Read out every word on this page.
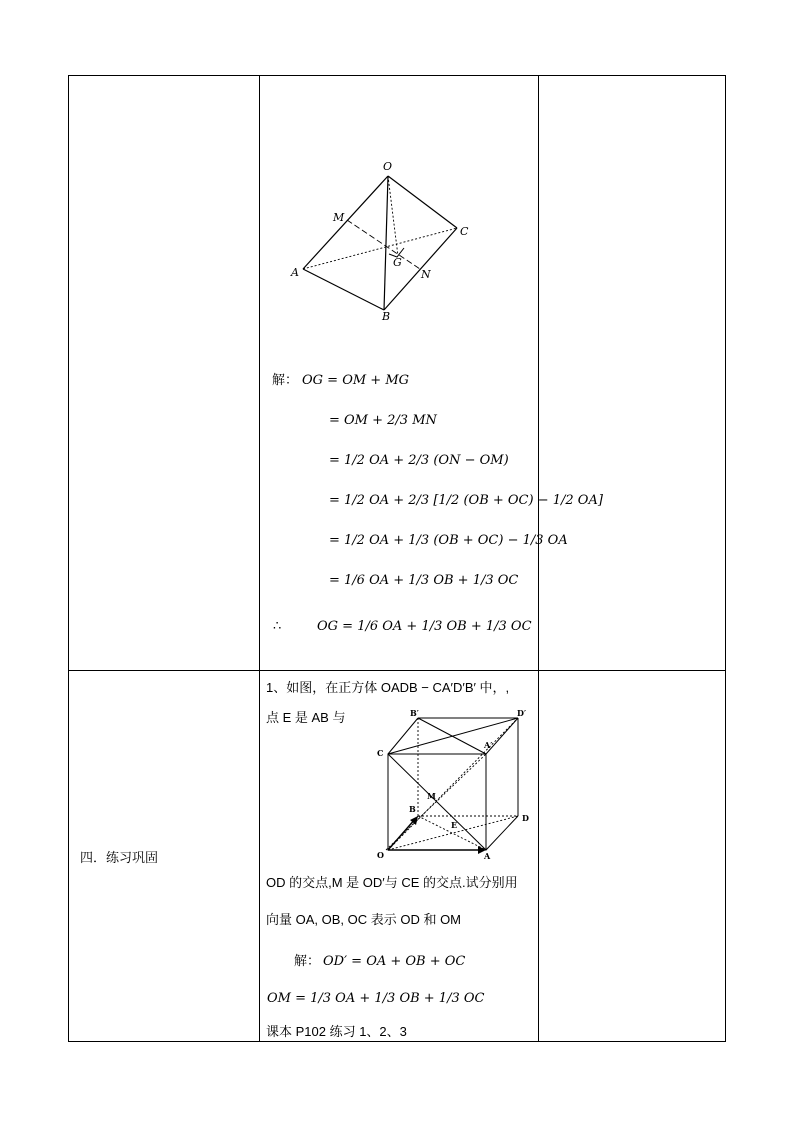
O
M
C
A
G
N
B
解： OG = OM + MG
= OM + 2/3 MN
= 1/2 OA + 2/3 (ON − OM)
= 1/2 OA + 2/3 [1/2 (OB + OC) − 1/2 OA]
= 1/2 OA + 1/3 (OB + OC) − 1/3 OA
= 1/6 OA + 1/3 OB + 1/3 OC
∴	OG = 1/6 OA + 1/3 OB + 1/3 OC
四．练习巩固
1、如图，在正方体 OADB − CA′D′B′ 中，,
点 E 是 AB 与	B′	D′
C
A′
M
B
E
D
O	A
OD 的交点,M 是 OD′与 CE 的交点.试分别用
向量 OA, OB, OC 表示 OD 和 OM
解： OD′ = OA + OB + OC
OM = 1/3 OA + 1/3 OB + 1/3 OC
课本 P102 练习 1、2、3
